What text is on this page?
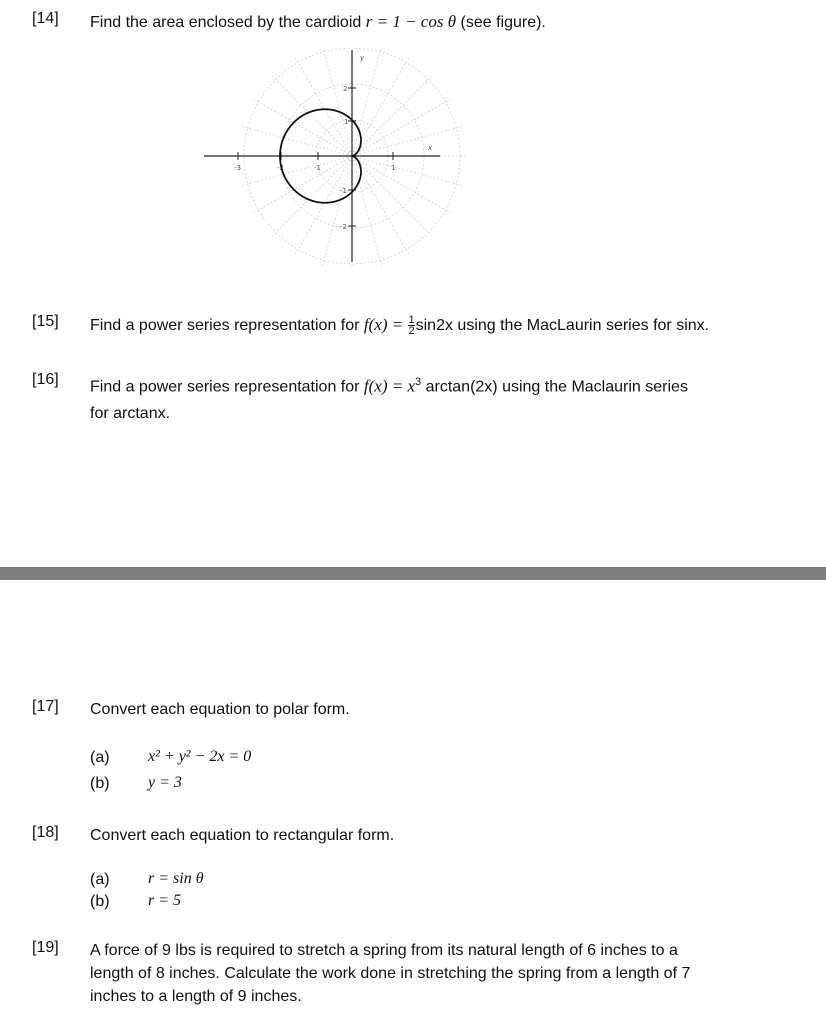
[14] Find the area enclosed by the cardioid r = 1 − cos θ (see figure).
-3	-2	-1	1
2
1
-1
-2
x
y
[15] Find a power series representation for $f(x) = \frac{1}{2} \sin 2x$ using the MacLaurin series for sinx.
[16] Find a power series representation for $f(x) = x^3$ arctan(2x) using the Maclaurin series
for arctanx.
[17] Convert each equation to polar form.
(a) x² + y² − 2x = 0
(b) y = 3
[18] Convert each equation to rectangular form.
(a) r = sin θ
(b) r = 5
[19] A force of 9 lbs is required to stretch a spring from its natural length of 6 inches to a
length of 8 inches. Calculate the work done in stretching the spring from a length of 7
inches to a length of 9 inches.
